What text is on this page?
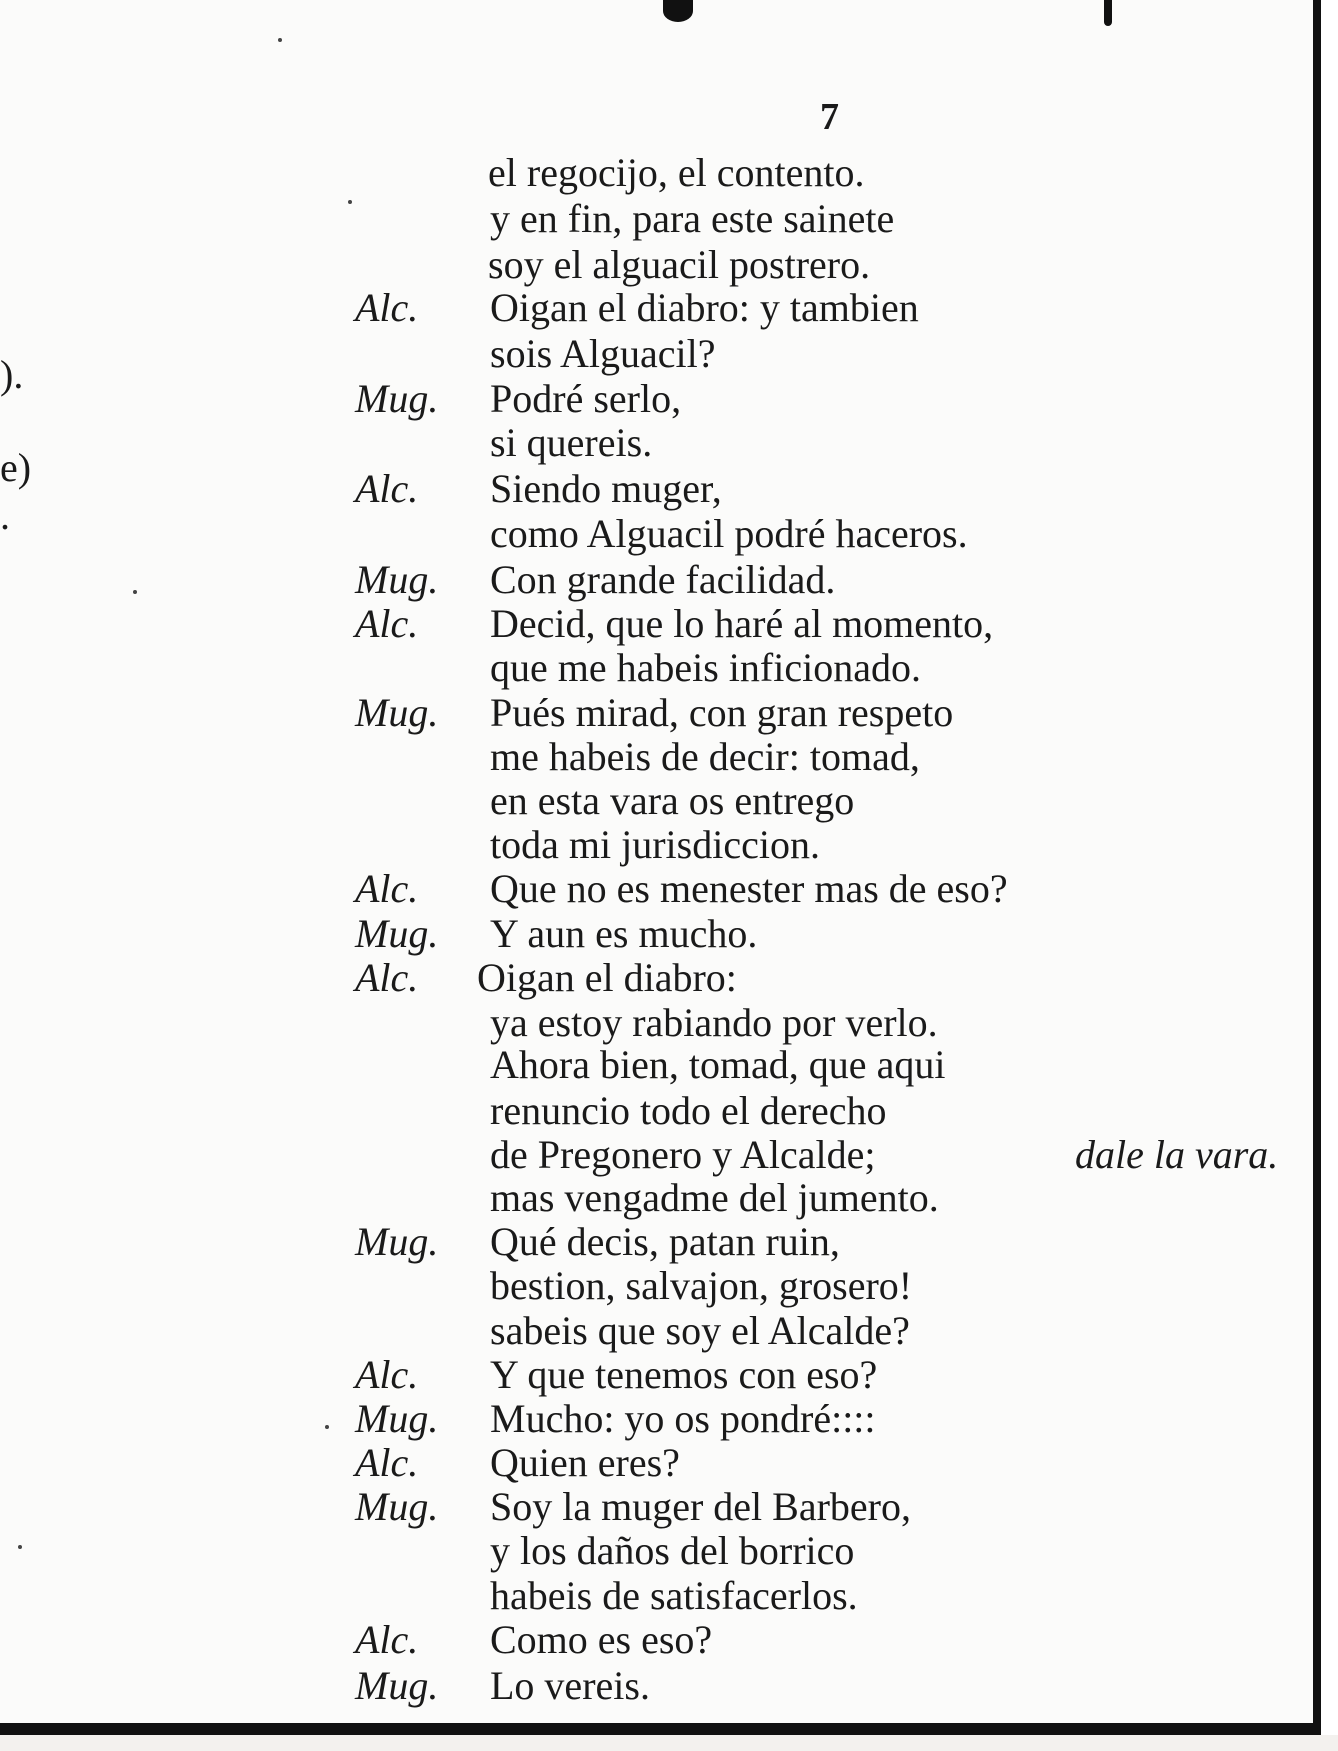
).
e)
.
7
el regocijo, el contento.
y en fin, para este sainete
soy el alguacil postrero.
Alc. Oigan el diabro: y tambien
sois Alguacil?
Mug. Podré serlo,
si quereis.
Alc. Siendo muger,
como Alguacil podré haceros.
Mug. Con grande facilidad.
Alc. Decid, que lo haré al momento,
que me habeis inficionado.
Mug. Pués mirad, con gran respeto
me habeis de decir: tomad,
en esta vara os entrego
toda mi jurisdiccion.
Alc. Que no es menester mas de eso?
Mug. Y aun es mucho.
Alc. Oigan el diabro:
ya estoy rabiando por verlo.
Ahora bien, tomad, que aqui
renuncio todo el derecho
de Pregonero y Alcalde;	dale la vara.
mas vengadme del jumento.
Mug. Qué decis, patan ruin,
bestion, salvajon, grosero!
sabeis que soy el Alcalde?
Alc. Y que tenemos con eso?
Mug. Mucho: yo os pondré::::
Alc. Quien eres?
Mug. Soy la muger del Barbero,
y los daños del borrico
habeis de satisfacerlos.
Alc. Como es eso?
Mug. Lo vereis.
